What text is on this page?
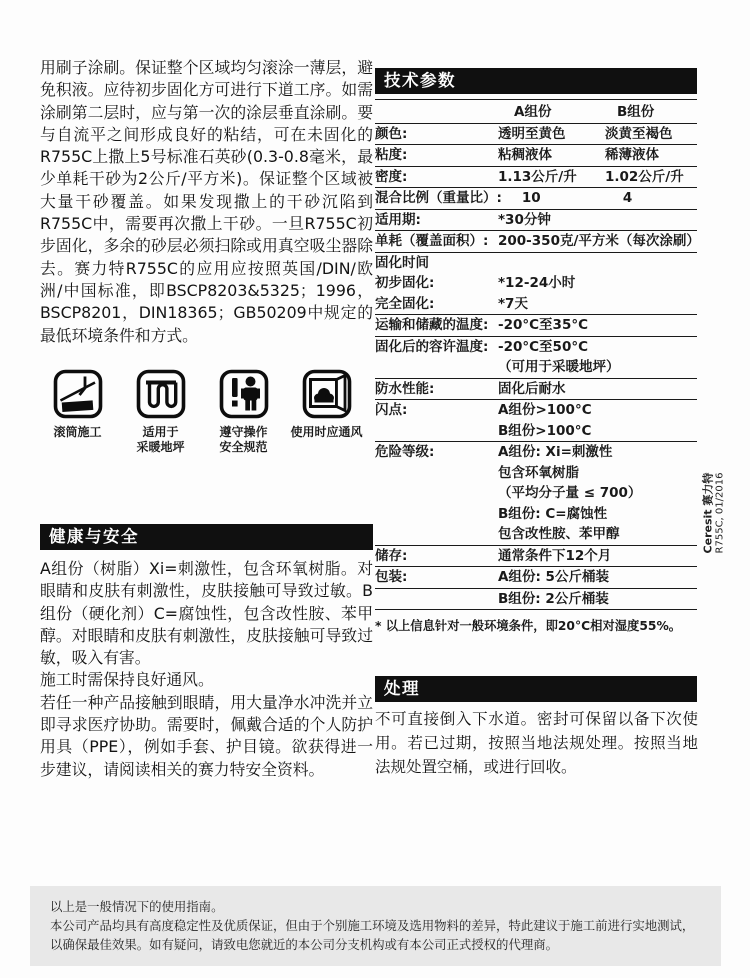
用刷子涂刷。保证整个区域均匀滚涂一薄层，避免积液。应待初步固化方可进行下道工序。如需涂刷第二层时，应与第一次的涂层垂直涂刷。要与自流平之间形成良好的粘结，可在未固化的R755C上撒上5号标准石英砂(0.3-0.8毫米，最少单耗干砂为2公斤/平方米)。保证整个区域被大量干砂覆盖。如果发现撒上的干砂沉陷到R755C中，需要再次撒上干砂。一旦R755C初步固化，多余的砂层必须扫除或用真空吸尘器除去。赛力特R755C的应用应按照英国/DIN/欧洲/中国标准，即BSCP8203&5325；1996，BSCP8201，DIN18365；GB50209中规定的最低环境条件和方式。

滚筒施工	适用于
采暖地坪
遵守操作
安全规范
使用时应通风
健康与安全

A组份（树脂）Xi=刺激性，包含环氧树脂。对眼睛和皮肤有刺激性，皮肤接触可导致过敏。B组份（硬化剂）C=腐蚀性，包含改性胺、苯甲醇。对眼睛和皮肤有刺激性，皮肤接触可导致过敏，吸入有害。

施工时需保持良好通风。

若任一种产品接触到眼睛，用大量净水冲洗并立即寻求医疗协助。需要时，佩戴合适的个人防护用具（PPE），例如手套、护目镜。欲获得进一步建议，请阅读相关的赛力特安全资料。

技术参数
A组份	B组份
颜色:	透明至黄色	淡黄至褐色
粘度:	粘稠液体	稀薄液体
密度:	1.13公斤/升	1.02公斤/升
混合比例（重量比）:	10	4
适用期:	*30分钟
单耗（覆盖面积）: 200-350克/平方米（每次涂刷）
固化时间
初步固化:	*12-24小时
完全固化:	*7天
运输和储藏的温度: -20°C至35°C
固化后的容许温度: -20°C至50°C
（可用于采暖地坪）
防水性能:	固化后耐水
闪点:	A组份>100°C
B组份>100°C
危险等级:	A组份: Xi=刺激性
包含环氧树脂
（平均分子量 ≤ 700）
B组份: C=腐蚀性
包含改性胺、苯甲醇
储存:	通常条件下12个月
包装:	A组份: 5公斤桶装
B组份: 2公斤桶装
* 以上信息针对一般环境条件，即20°C相对湿度55%。
处理

不可直接倒入下水道。密封可保留以备下次使用。若已过期，按照当地法规处理。按照当地法规处置空桶，或进行回收。

Ceresit 赛力特 R755C, 01/2016
以上是一般情况下的使用指南。
本公司产品均具有高度稳定性及优质保证，但由于个别施工环境及选用物料的差异，特此建议于施工前进行实地测试，以确保最佳效果。如有疑问，请致电您就近的本公司分支机构或有本公司正式授权的代理商。
